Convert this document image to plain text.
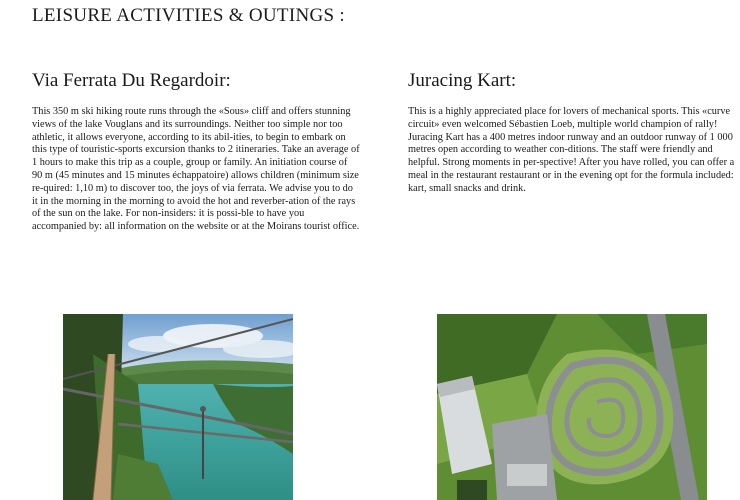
LEISURE ACTIVITIES & OUTINGS :
Via Ferrata Du Regardoir:

This 350 m ski hiking route runs through the «Sous» cliff and offers stunning views of the lake Vouglans and its surroundings. Neither too simple nor too athletic, it allows everyone, according to its abil-ities, to begin to embark on this type of touristic-sports excursion thanks to 2 itineraries. Take an average of 1 hours to make this trip as a couple, group or family. An initiation course of 90 m (45 minutes and 15 minutes échappatoire) allows children (minimum size re-quired: 1,10 m) to discover too, the joys of via ferrata. We advise you to do it in the morning in the morning to avoid the hot and reverber-ation of the rays of the sun on the lake. For non-insiders: it is possi-ble to have you accompanied by: all information on the website or at the Moirans tourist office.

Juracing Kart:

This is a highly appreciated place for lovers of mechanical sports. This «curve circuit» even welcomed Sébastien Loeb, multiple world champion of rally! Juracing Kart has a 400 metres indoor runway and an outdoor runway of 1 000 metres open according to weather con-ditions. The staff were friendly and helpful. Strong moments in per-spective! After you have rolled, you can offer a meal in the restaurant restaurant or in the evening opt for the formula included: kart, small snacks and drink.
